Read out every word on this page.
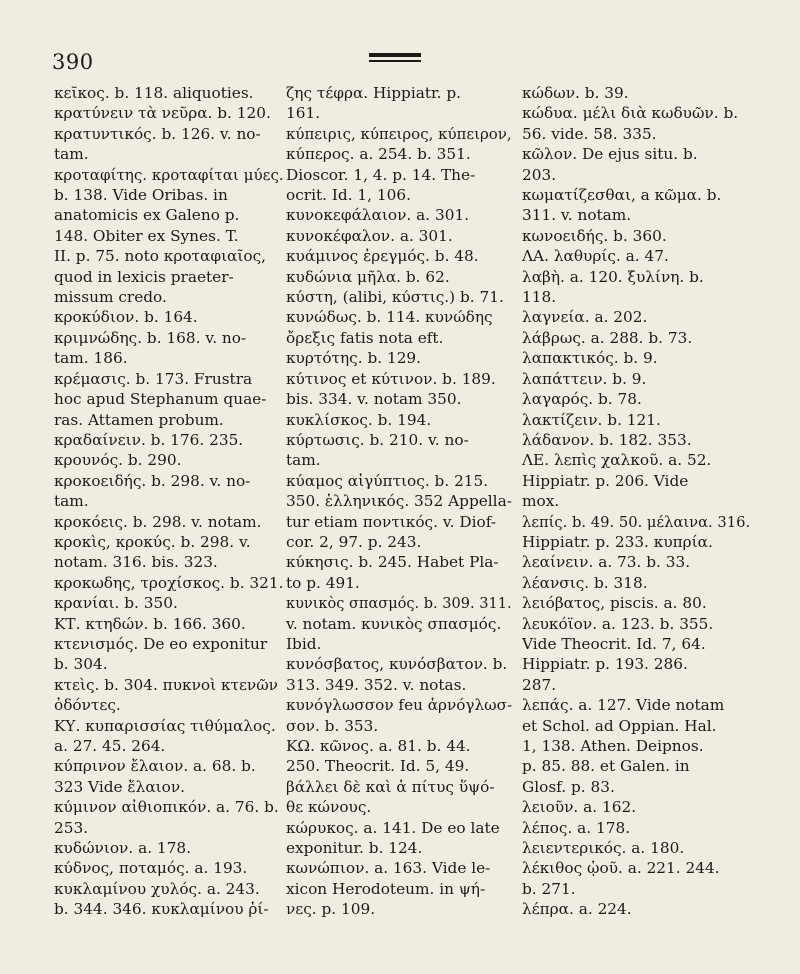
390
κεῖκος. b. 118. aliquoties.
κρατύνειν τὰ νεῦρα. b. 120.
κρατυντικός. b. 126. v. no-
tam.
κροταφίτης. κροταφίται μύες.
b. 138. Vide Oribas. in
anatomicis ex Galeno p.
148. Obiter ex Synes. T.
II. p. 75. noto κροταφιαῖος,
quod in lexicis praeter-
missum credo.
κροκύδιον. b. 164.
κριμνώδης. b. 168. v. no-
tam. 186.
κρέμασις. b. 173. Frustra
hoc apud Stephanum quae-
ras. Attamen probum.
κραδαίνειν. b. 176. 235.
κρουνός. b. 290.
κροκοειδής. b. 298. v. no-
tam.
κροκόεις. b. 298. v. notam.
κροκὶς, κροκύς. b. 298. v.
notam. 316. bis. 323.
κροκωδης, τροχίσκος. b. 321.
κρανίαι. b. 350.
ΚΤ. κτηδών. b. 166. 360.
κτενισμός. De eo exponitur
b. 304.
κτεὶς. b. 304. πυκνοὶ κτενῶν
ὀδόντες.
ΚΥ. κυπαρισσίας τιθύμαλος.
a. 27. 45. 264.
κύπρινον ἔλαιον. a. 68. b.
323 Vide ἔλαιον.
κύμινον αἰθιοπικόν. a. 76. b.
253.
κυδώνιον. a. 178.
κύδνος, ποταμός. a. 193.
κυκλαμίνου χυλός. a. 243.
b. 344. 346. κυκλαμίνου ῥί-
ζης τέφρα. Hippiatr. p.
161.
κύπειρις, κύπειρος, κύπειρον,
κύπερος. a. 254. b. 351.
Dioscor. 1, 4. p. 14. The-
ocrit. Id. 1, 106.
κυνοκεφάλαιον. a. 301.
κυνοκέφαλον. a. 301.
κυάμινος ἐρεγμός. b. 48.
κυδώνια μῆλα. b. 62.
κύστη, (alibi, κύστις.) b. 71.
κυνώδως. b. 114. κυνώδης
ὄρεξις fatis nota eft.
κυρτότης. b. 129.
κύτινος et κύτινον. b. 189.
bis. 334. v. notam 350.
κυκλίσκος. b. 194.
κύρτωσις. b. 210. v. no-
tam.
κύαμος αἰγύπτιος. b. 215.
350. ἑλληνικός. 352 Appella-
tur etiam ποντικός. v. Diof-
cor. 2, 97. p. 243.
κύκησις. b. 245. Habet Pla-
to p. 491.
κυνικὸς σπασμός. b. 309. 311.
v. notam. κυνικὸς σπασμός.
Ibid.
κυνόσβατος, κυνόσβατον. b.
313. 349. 352. v. notas.
κυνόγλωσσον feu ἀρνόγλωσ-
σον. b. 353.
ΚΩ. κῶνος. a. 81. b. 44.
250. Theocrit. Id. 5, 49.
βάλλει δὲ καὶ ἁ πίτυς ὕψό-
θε κώνους.
κώρυκος. a. 141. De eo late
exponitur. b. 124.
κωνώπιον. a. 163. Vide le-
xicon Herodoteum. in ψή-
νες. p. 109.
κώδων. b. 39.
κώδυα. μέλι διὰ κωδυῶν. b.
56. vide. 58. 335.
κῶλον. De ejus situ. b.
203.
κωματίζεσθαι, a κῶμα. b.
311. v. notam.
κωνοειδής. b. 360.
ΛΑ. λαθυρίς. a. 47.
λαβὴ. a. 120. ξυλίνη. b.
118.
λαγνεία. a. 202.
λάβρως. a. 288. b. 73.
λαπακτικός. b. 9.
λαπάττειν. b. 9.
λαγαρός. b. 78.
λακτίζειν. b. 121.
λάδανον. b. 182. 353.
ΛΕ. λεπὶς χαλκοῦ. a. 52.
Hippiatr. p. 206. Vide
mox.
λεπίς. b. 49. 50. μέλαινα. 316.
Hippiatr. p. 233. κυπρία.
λεαίνειν. a. 73. b. 33.
λέανσις. b. 318.
λειόβατος, piscis. a. 80.
λευκόϊον. a. 123. b. 355.
Vide Theocrit. Id. 7, 64.
Hippiatr. p. 193. 286.
287.
λεπάς. a. 127. Vide notam
et Schol. ad Oppian. Hal.
1, 138. Athen. Deipnos.
p. 85. 88. et Galen. in
Glosf. p. 83.
λειοῦν. a. 162.
λέπος. a. 178.
λειεντερικός. a. 180.
λέκιθος ᾠοῦ. a. 221. 244.
b. 271.
λέπρα. a. 224.
